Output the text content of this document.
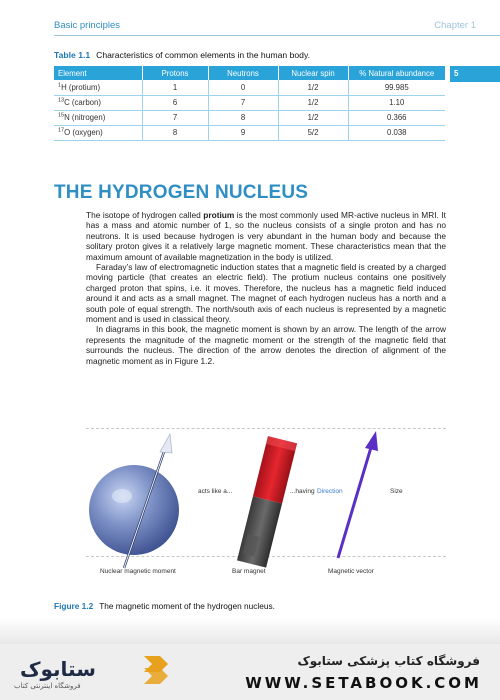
Basic principles	Chapter 1
Table 1.1 Characteristics of common elements in the human body.
5
Element	Protons	Neutrons	Nuclear spin	% Natural abundance
$^1$H (protium)	1	0	1/2	99.985
$^{13}$C (carbon)	6	7	1/2	1.10
$^{15}$N (nitrogen)	7	8	1/2	0.366
$^{17}$O (oxygen)	8	9	5/2	0.038
THE HYDROGEN NUCLEUS

The isotope of hydrogen called protium is the most commonly used MR-active nucleus in MRI. It has a mass and atomic number of 1, so the nucleus consists of a single proton and has no neutrons. It is used because hydrogen is very abundant in the human body and because the solitary proton gives it a relatively large magnetic moment. These characteristics mean that the maximum amount of available magnetization in the body is utilized.

Faraday’s law of electromagnetic induction states that a magnetic field is created by a charged moving particle (that creates an electric field). The protium nucleus contains one positively charged proton that spins, i.e. it moves. Therefore, the nucleus has a magnetic field induced around it and acts as a small magnet. The magnet of each hydrogen nucleus has a north and a south pole of equal strength. The north/south axis of each nucleus is represented by a magnetic moment and is used in classical theory.

In diagrams in this book, the magnetic moment is shown by an arrow. The length of the arrow represents the magnitude of the magnetic moment or the strength of the magnetic field that surrounds the nucleus. The direction of the arrow denotes the direction of alignment of the magnetic moment as in Figure 1.2.

acts like a...	...having Direction	Size
Nuclear magnetic moment	Bar magnet	Magnetic vector
Figure 1.2 The magnetic moment of the hydrogen nucleus.
ستابوک
فروشگاه اینترنتی کتاب
فروشگاه کتاب پزشکی ستابوک
WWW.SETABOOK.COM
